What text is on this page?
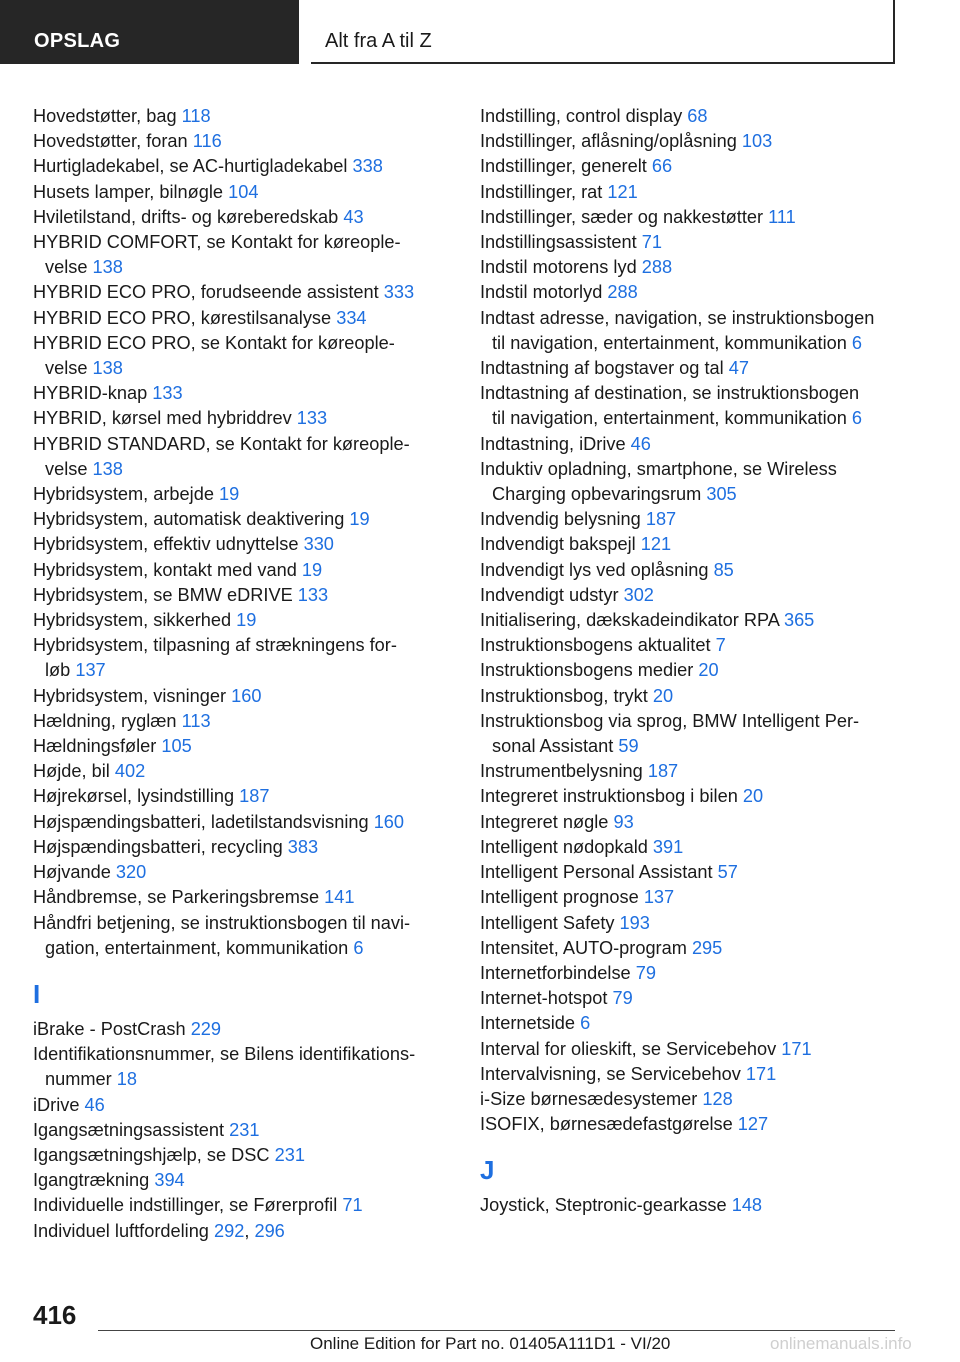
OPSLAG	Alt fra A til Z
Hovedstøtter, bag 118
Hovedstøtter, foran 116
Hurtigladekabel, se AC-hurtigladekabel 338
Husets lamper, bilnøgle 104
Hviletilstand, drifts- og køreberedskab 43
HYBRID COMFORT, se Kontakt for køreople‐
velse 138
HYBRID ECO PRO, forudseende assistent 333
HYBRID ECO PRO, kørestilsanalyse 334
HYBRID ECO PRO, se Kontakt for køreople‐
velse 138
HYBRID-knap 133
HYBRID, kørsel med hybriddrev 133
HYBRID STANDARD, se Kontakt for køreople‐
velse 138
Hybridsystem, arbejde 19
Hybridsystem, automatisk deaktivering 19
Hybridsystem, effektiv udnyttelse 330
Hybridsystem, kontakt med vand 19
Hybridsystem, se BMW eDRIVE 133
Hybridsystem, sikkerhed 19
Hybridsystem, tilpasning af strækningens for‐
løb 137
Hybridsystem, visninger 160
Hældning, ryglæn 113
Hældningsføler 105
Højde, bil 402
Højrekørsel, lysindstilling 187
Højspændingsbatteri, ladetilstandsvisning 160
Højspændingsbatteri, recycling 383
Højvande 320
Håndbremse, se Parkeringsbremse 141
Håndfri betjening, se instruktionsbogen til navi‐
gation, entertainment, kommunikation 6
I
iBrake - PostCrash 229
Identifikationsnummer, se Bilens identifikations‐
nummer 18
iDrive 46
Igangsætningsassistent 231
Igangsætningshjælp, se DSC 231
Igangtrækning 394
Individuelle indstillinger, se Førerprofil 71
Individuel luftfordeling 292, 296
Indstilling, control display 68
Indstillinger, aflåsning/oplåsning 103
Indstillinger, generelt 66
Indstillinger, rat 121
Indstillinger, sæder og nakkestøtter 111
Indstillingsassistent 71
Indstil motorens lyd 288
Indstil motorlyd 288
Indtast adresse, navigation, se instruktionsbogen
til navigation, entertainment, kommunikation 6
Indtastning af bogstaver og tal 47
Indtastning af destination, se instruktionsbogen
til navigation, entertainment, kommunikation 6
Indtastning, iDrive 46
Induktiv opladning, smartphone, se Wireless
Charging opbevaringsrum 305
Indvendig belysning 187
Indvendigt bakspejl 121
Indvendigt lys ved oplåsning 85
Indvendigt udstyr 302
Initialisering, dækskadeindikator RPA 365
Instruktionsbogens aktualitet 7
Instruktionsbogens medier 20
Instruktionsbog, trykt 20
Instruktionsbog via sprog, BMW Intelligent Per‐
sonal Assistant 59
Instrumentbelysning 187
Integreret instruktionsbog i bilen 20
Integreret nøgle 93
Intelligent nødopkald 391
Intelligent Personal Assistant 57
Intelligent prognose 137
Intelligent Safety 193
Intensitet, AUTO-program 295
Internetforbindelse 79
Internet-hotspot 79
Internetside 6
Interval for olieskift, se Servicebehov 171
Intervalvisning, se Servicebehov 171
i-Size børnesædesystemer 128
ISOFIX, børnesædefastgørelse 127
J
Joystick, Steptronic-gearkasse 148
416
Online Edition for Part no. 01405A111D1 - VI/20	onlinemanuals.info
